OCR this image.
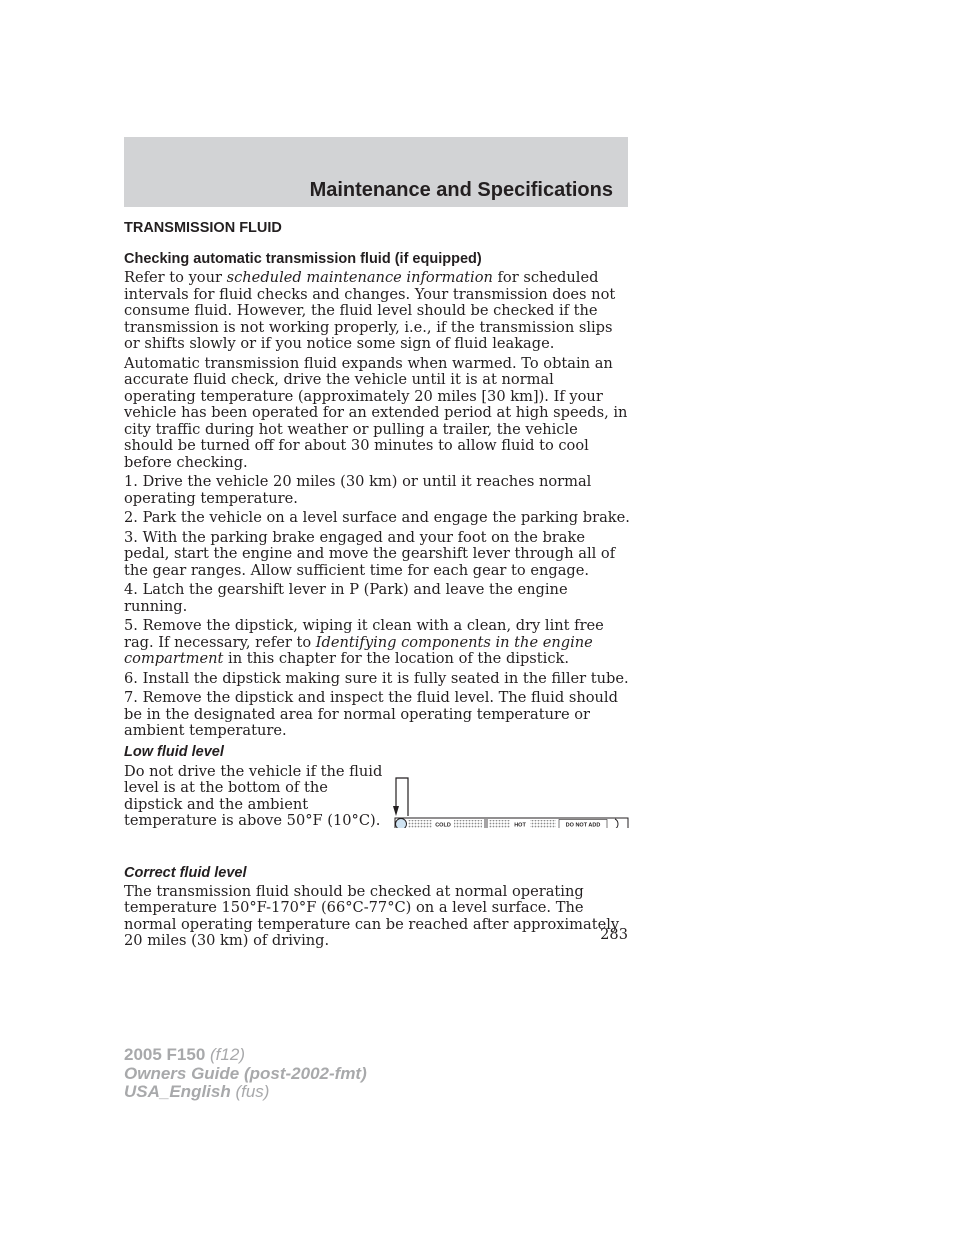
Maintenance and Specifications
TRANSMISSION FLUID
Checking automatic transmission fluid (if equipped)

Refer to your scheduled maintenance information for scheduled intervals for fluid checks and changes. Your transmission does not consume fluid. However, the fluid level should be checked if the transmission is not working properly, i.e., if the transmission slips or shifts slowly or if you notice some sign of fluid leakage.

Automatic transmission fluid expands when warmed. To obtain an accurate fluid check, drive the vehicle until it is at normal operating temperature (approximately 20 miles [30 km]). If your vehicle has been operated for an extended period at high speeds, in city traffic during hot weather or pulling a trailer, the vehicle should be turned off for about 30 minutes to allow fluid to cool before checking.

1. Drive the vehicle 20 miles (30 km) or until it reaches normal operating temperature.

2. Park the vehicle on a level surface and engage the parking brake.

3. With the parking brake engaged and your foot on the brake pedal, start the engine and move the gearshift lever through all of the gear ranges. Allow sufficient time for each gear to engage.

4. Latch the gearshift lever in P (Park) and leave the engine running.

5. Remove the dipstick, wiping it clean with a clean, dry lint free rag. If necessary, refer to Identifying components in the engine compartment in this chapter for the location of the dipstick.

6. Install the dipstick making sure it is fully seated in the filler tube.

7. Remove the dipstick and inspect the fluid level. The fluid should be in the designated area for normal operating temperature or ambient temperature.

Low fluid level
Do not drive the vehicle if the fluid level is at the bottom of the dipstick and the ambient temperature is above 50°F (10°C).	COLD	HOT	DO NOT ADD
Correct fluid level

The transmission fluid should be checked at normal operating temperature 150°F-170°F (66°C-77°C) on a level surface. The normal operating temperature can be reached after approximately 20 miles (30 km) of driving.	283
2005 F150 (f12)
Owners Guide (post-2002-fmt)
USA_English (fus)
